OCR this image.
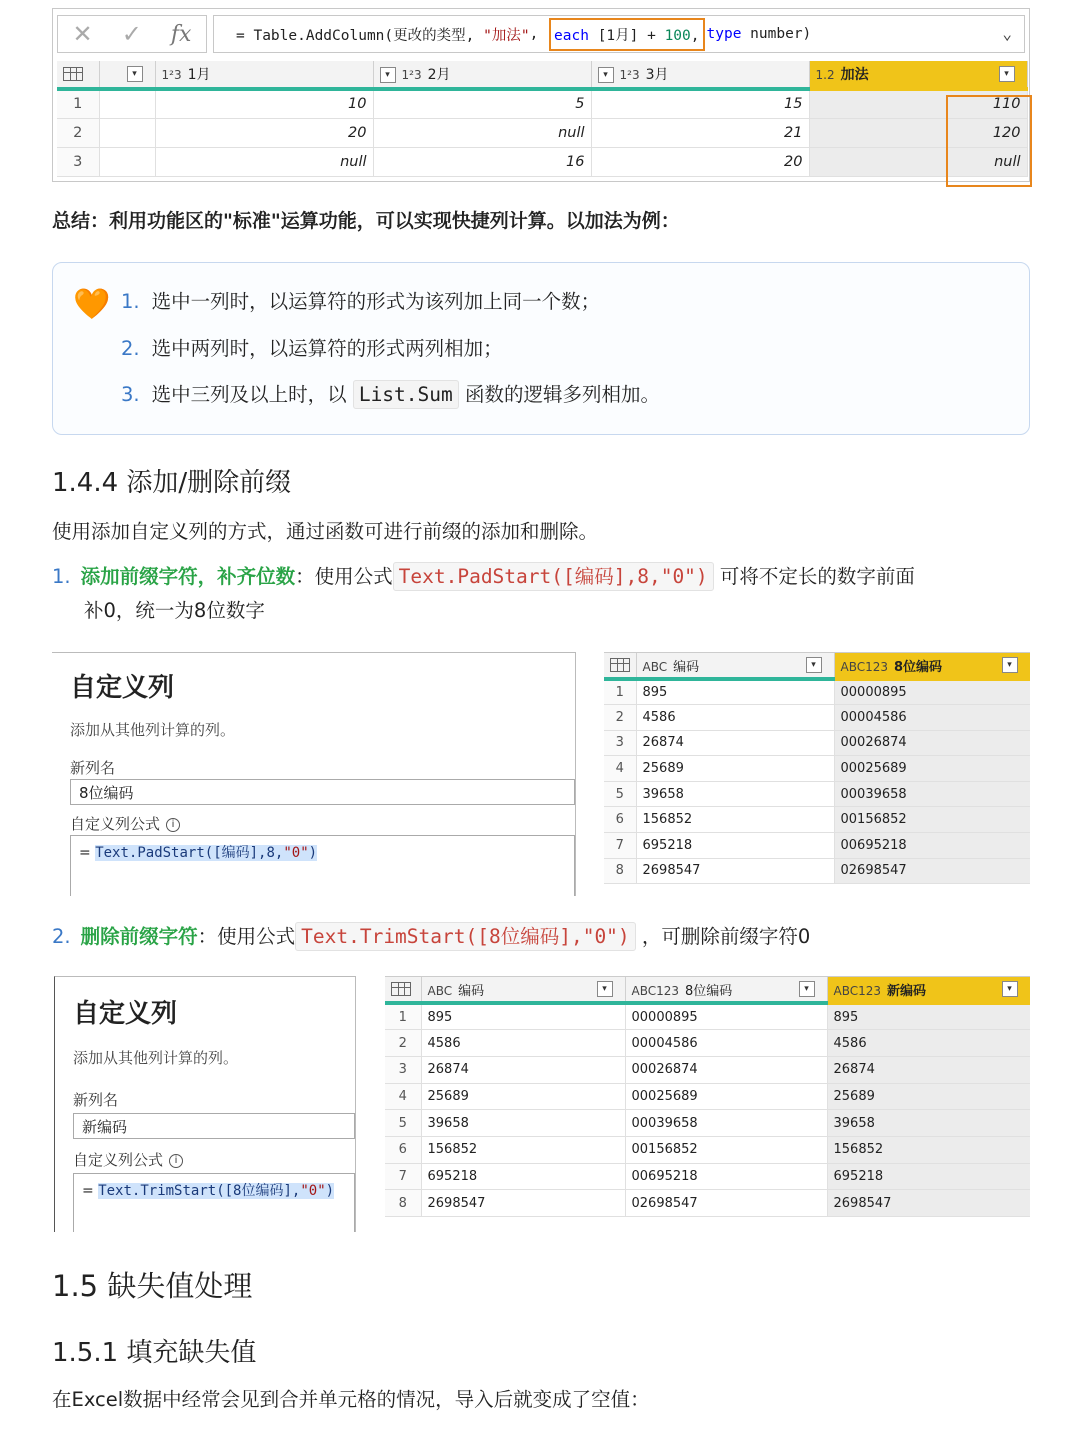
✕ ✓ fx	= Table.AddColumn(更改的类型, "加法" , each [1月] + 100, type number)	⌄

	▾	1²3 1月	▾ 1²3 2月	▾ 1²3 3月	1.2 加法 ▾

1		10	5	15	110
2		20	null	21	120
3		null	16	20	null
总结：利用功能区的"标准"运算功能，可以实现快捷列计算。以加法为例：
🧡 1. 选中一列时，以运算符的形式为该列加上同一个数；
2. 选中两列时，以运算符的形式两列相加；
3. 选中三列及以上时，以 List.Sum 函数的逻辑多列相加。
1.4.4 添加/删除前缀
使用添加自定义列的方式，通过函数可进行前缀的添加和删除。
1. 添加前缀字符，补齐位数：使用公式 Text.PadStart([编码],8,"0") 可将不定长的数字前面
补0，统一为8位数字
自定义列
添加从其他列计算的列。
新列名
8位编码
自定义列公式 i
= Text.PadStart([编码],8,"0")
	ABC 编码 ▾	ABC123 8位编码 ▾

1	895	00000895
2	4586	00004586
3	26874	00026874
4	25689	00025689
5	39658	00039658
6	156852	00156852
7	695218	00695218
8	2698547	02698547
2. 删除前缀字符：使用公式 Text.TrimStart([8位编码],"0") ，可删除前缀字符0
自定义列
添加从其他列计算的列。
新列名
新编码
自定义列公式 i
= Text.TrimStart([8位编码],"0")
	ABC 编码 ▾	ABC123 8位编码 ▾	ABC123 新编码 ▾

1	895	00000895	895
2	4586	00004586	4586
3	26874	00026874	26874
4	25689	00025689	25689
5	39658	00039658	39658
6	156852	00156852	156852
7	695218	00695218	695218
8	2698547	02698547	2698547
1.5 缺失值处理
1.5.1 填充缺失值
在Excel数据中经常会见到合并单元格的情况，导入后就变成了空值：
